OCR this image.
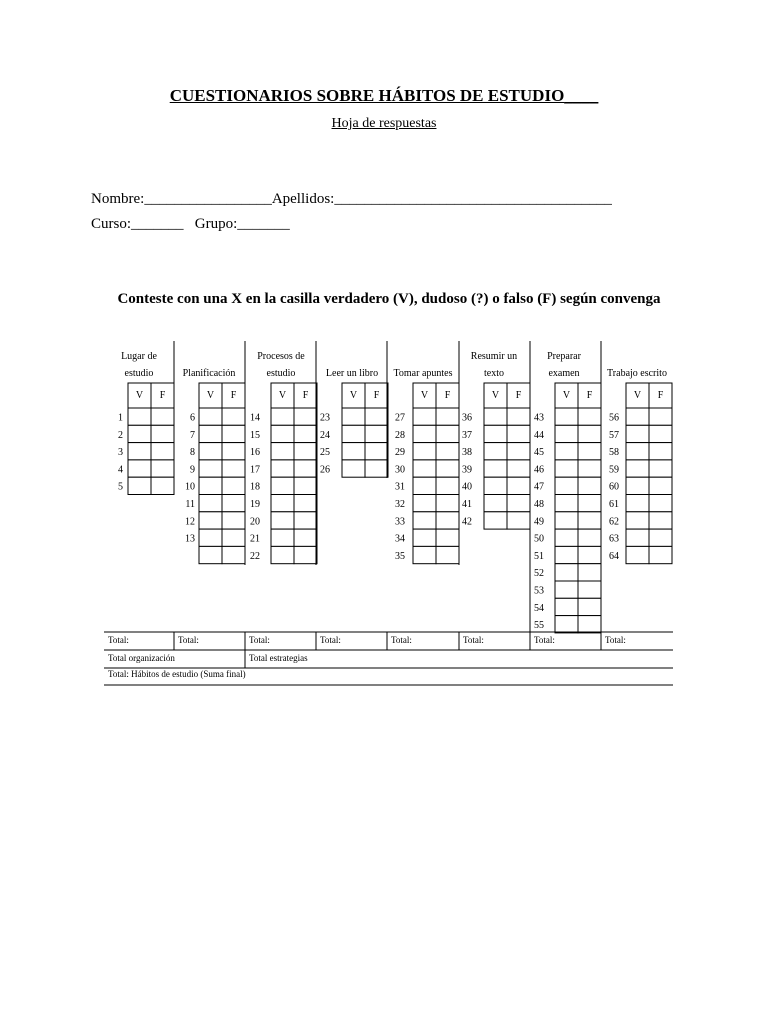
CUESTIONARIOS SOBRE HÁBITOS DE ESTUDIO____
Hoja de respuestas
Nombre:_________________Apellidos:_____________________________________
Curso:_______   Grupo:_______
Conteste con una X en la casilla verdadero (V), dudoso (?) o falso (F) según convenga
Lugar de
estudio
V F
1
2
3
4
5
Planificación
V F
6
7
8
9
10
11
12
13
Procesos de
estudio
V F
14
15
16
17
18
19
20
21
22
Leer un libro
V F
23
24
25
26
Tomar apuntes
V F
27
28
29
30
31
32
33
34
35
Resumir un
texto
V F
36
37
38
39
40
41
42
Preparar
examen
V F
43
44
45
46
47
48
49
50
51
52
53
54
55
Trabajo escrito
V F
56
57
58
59
60
61
62
63
64
Total:	Total:	Total:	Total:	Total:	Total:	Total:	Total:
Total organización	Total estrategias
Total: Hábitos de estudio (Suma final)
